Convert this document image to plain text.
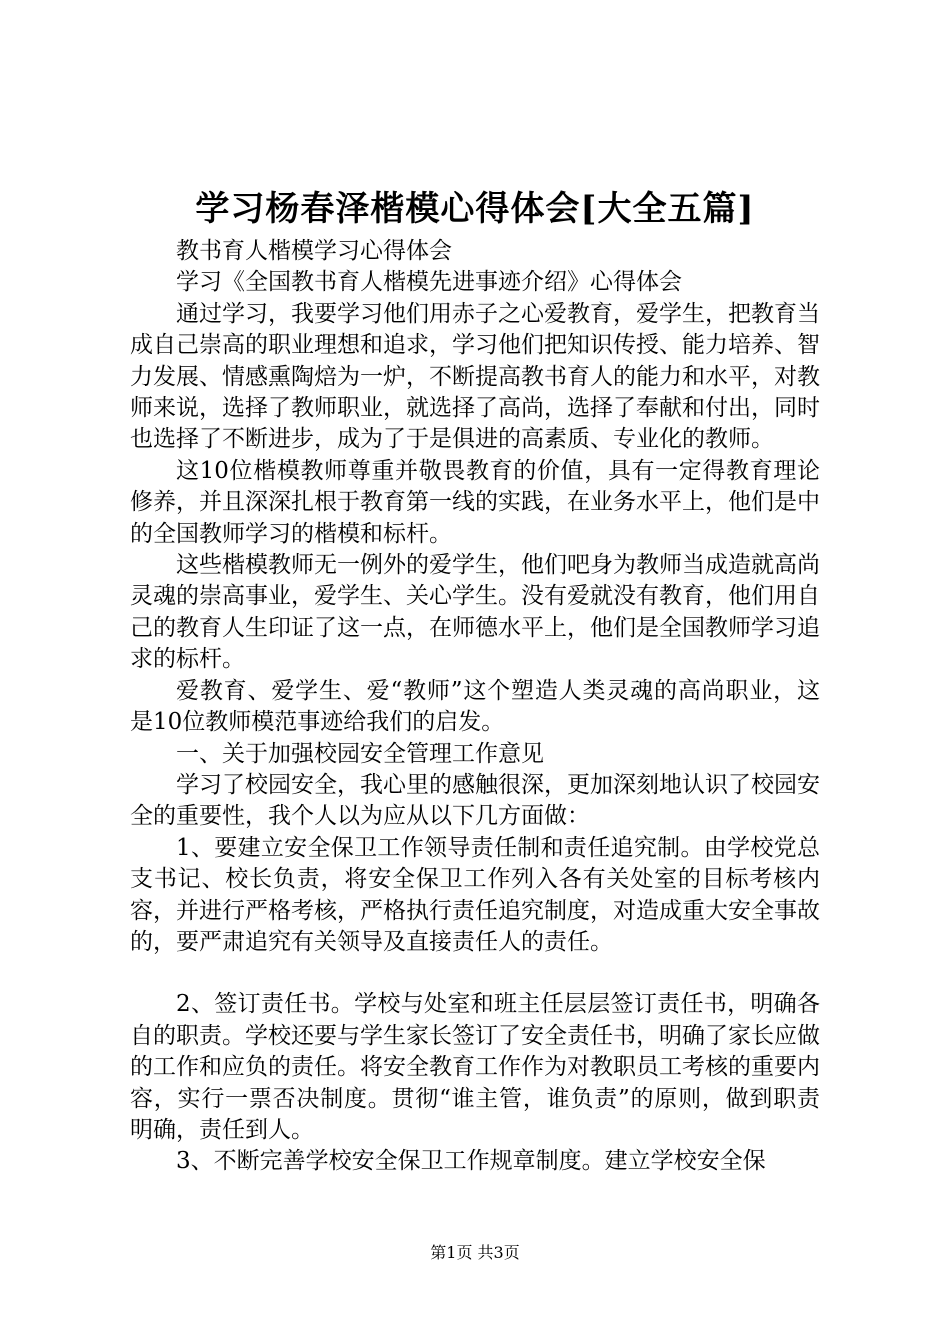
学习杨春泽楷模心得体会[大全五篇]

教书育人楷模学习心得体会

学习《全国教书育人楷模先进事迹介绍》心得体会

通过学习，我要学习他们用赤子之心爱教育，爱学生，把教育当成自己崇高的职业理想和追求，学习他们把知识传授、能力培养、智力发展、情感熏陶焙为一炉，不断提高教书育人的能力和水平，对教师来说，选择了教师职业，就选择了高尚，选择了奉献和付出，同时也选择了不断进步，成为了于是俱进的高素质、专业化的教师。

这10位楷模教师尊重并敬畏教育的价值，具有一定得教育理论修养，并且深深扎根于教育第一线的实践，在业务水平上，他们是中的全国教师学习的楷模和标杆。

这些楷模教师无一例外的爱学生，他们吧身为教师当成造就高尚灵魂的崇高事业，爱学生、关心学生。没有爱就没有教育，他们用自己的教育人生印证了这一点，在师德水平上，他们是全国教师学习追求的标杆。

爱教育、爱学生、爱“教师”这个塑造人类灵魂的高尚职业，这是10位教师模范事迹给我们的启发。

一、关于加强校园安全管理工作意见

学习了校园安全，我心里的感触很深，更加深刻地认识了校园安全的重要性，我个人以为应从以下几方面做：

1、要建立安全保卫工作领导责任制和责任追究制。由学校党总支书记、校长负责，将安全保卫工作列入各有关处室的目标考核内容，并进行严格考核，严格执行责任追究制度，对造成重大安全事故的，要严肃追究有关领导及直接责任人的责任。

2、签订责任书。学校与处室和班主任层层签订责任书，明确各自的职责。学校还要与学生家长签订了安全责任书，明确了家长应做的工作和应负的责任。将安全教育工作作为对教职员工考核的重要内容，实行一票否决制度。贯彻“谁主管，谁负责”的原则，做到职责明确，责任到人。

3、不断完善学校安全保卫工作规章制度。建立学校安全保

第1页 共3页
